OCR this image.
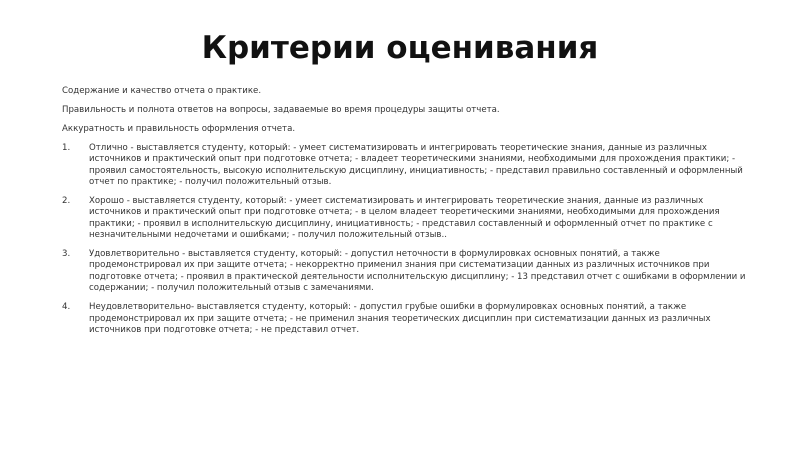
Критерии оценивания

Содержание и качество отчета о практике.

Правильность и полнота ответов на вопросы, задаваемые во время процедуры защиты отчета.

Аккуратность и правильность оформления отчета.

1. Отлично - выставляется студенту, который: - умеет систематизировать и интегрировать теоретические знания, данные из различных источников и практический опыт при подготовке отчета; - владеет теоретическими знаниями, необходимыми для прохождения практики; - проявил самостоятельность, высокую исполнительскую дисциплину, инициативность; - представил правильно составленный и оформленный отчет по практике; - получил положительный отзыв.
2. Хорошо - выставляется студенту, который: - умеет систематизировать и интегрировать теоретические знания, данные из различных источников и практический опыт при подготовке отчета; - в целом владеет теоретическими знаниями, необходимыми для прохождения практики; - проявил в исполнительскую дисциплину, инициативность; - представил составленный и оформленный отчет по практике с незначительными недочетами и ошибками; - получил положительный отзыв..
3. Удовлетворительно - выставляется студенту, который: - допустил неточности в формулировках основных понятий, а также продемонстрировал их при защите отчета; - некорректно применил знания при систематизации данных из различных источников при подготовке отчета; - проявил в практической деятельности исполнительскую дисциплину; - 13 представил отчет с ошибками в оформлении и содержании; - получил положительный отзыв с замечаниями.
4. Неудовлетворительно- выставляется студенту, который: - допустил грубые ошибки в формулировках основных понятий, а также продемонстрировал их при защите отчета; - не применил знания теоретических дисциплин при систематизации данных из различных источников при подготовке отчета; - не представил отчет.
